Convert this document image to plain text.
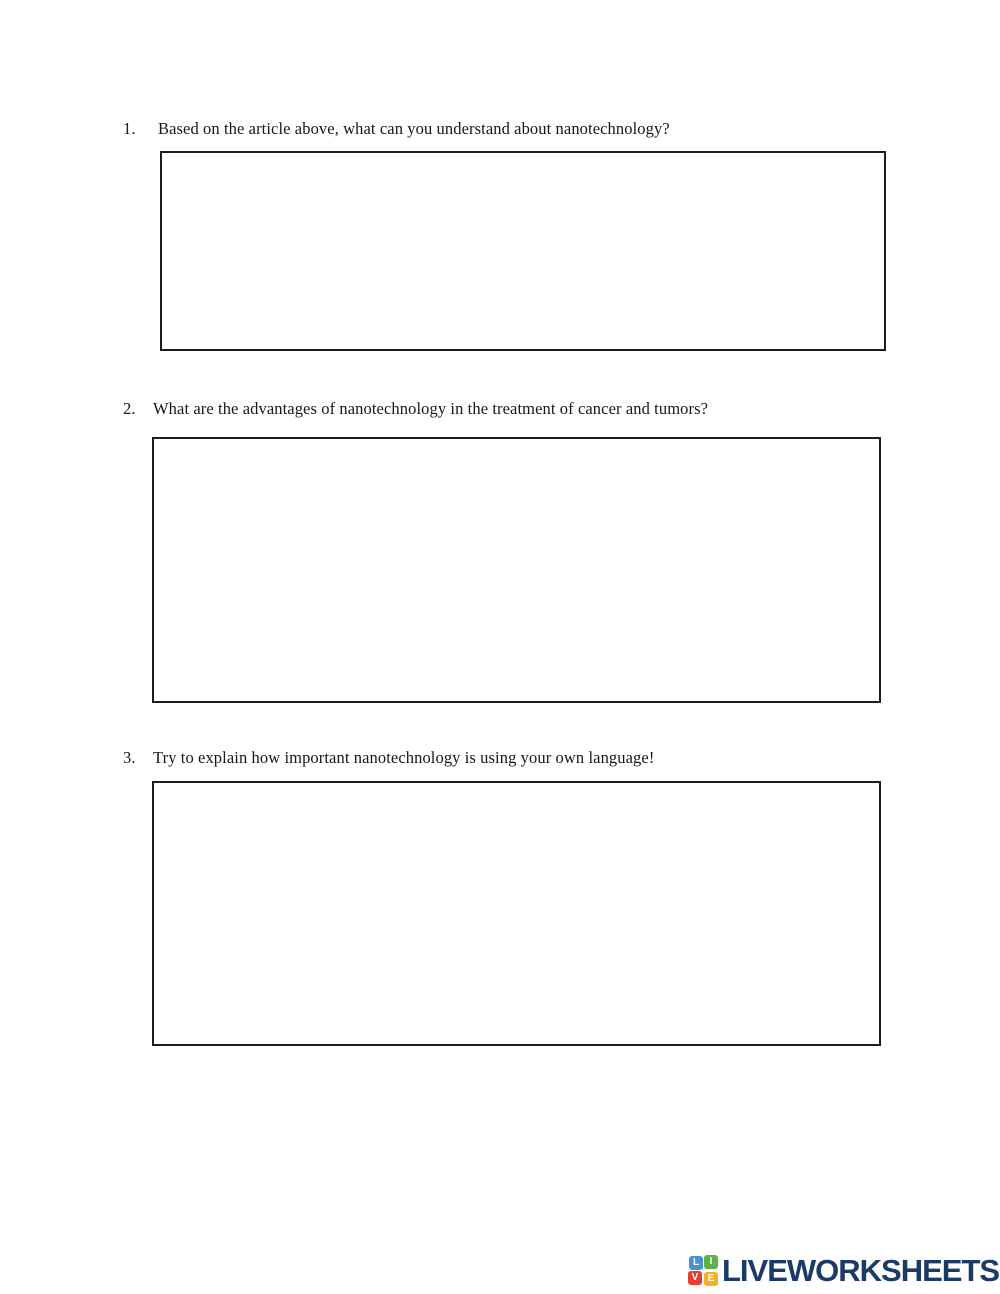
1. Based on the article above, what can you understand about nanotechnology?
2. What are the advantages of nanotechnology in the treatment of cancer and tumors?
3. Try to explain how important nanotechnology is using your own language!
L	I
V E LIVEWORKSHEETS
